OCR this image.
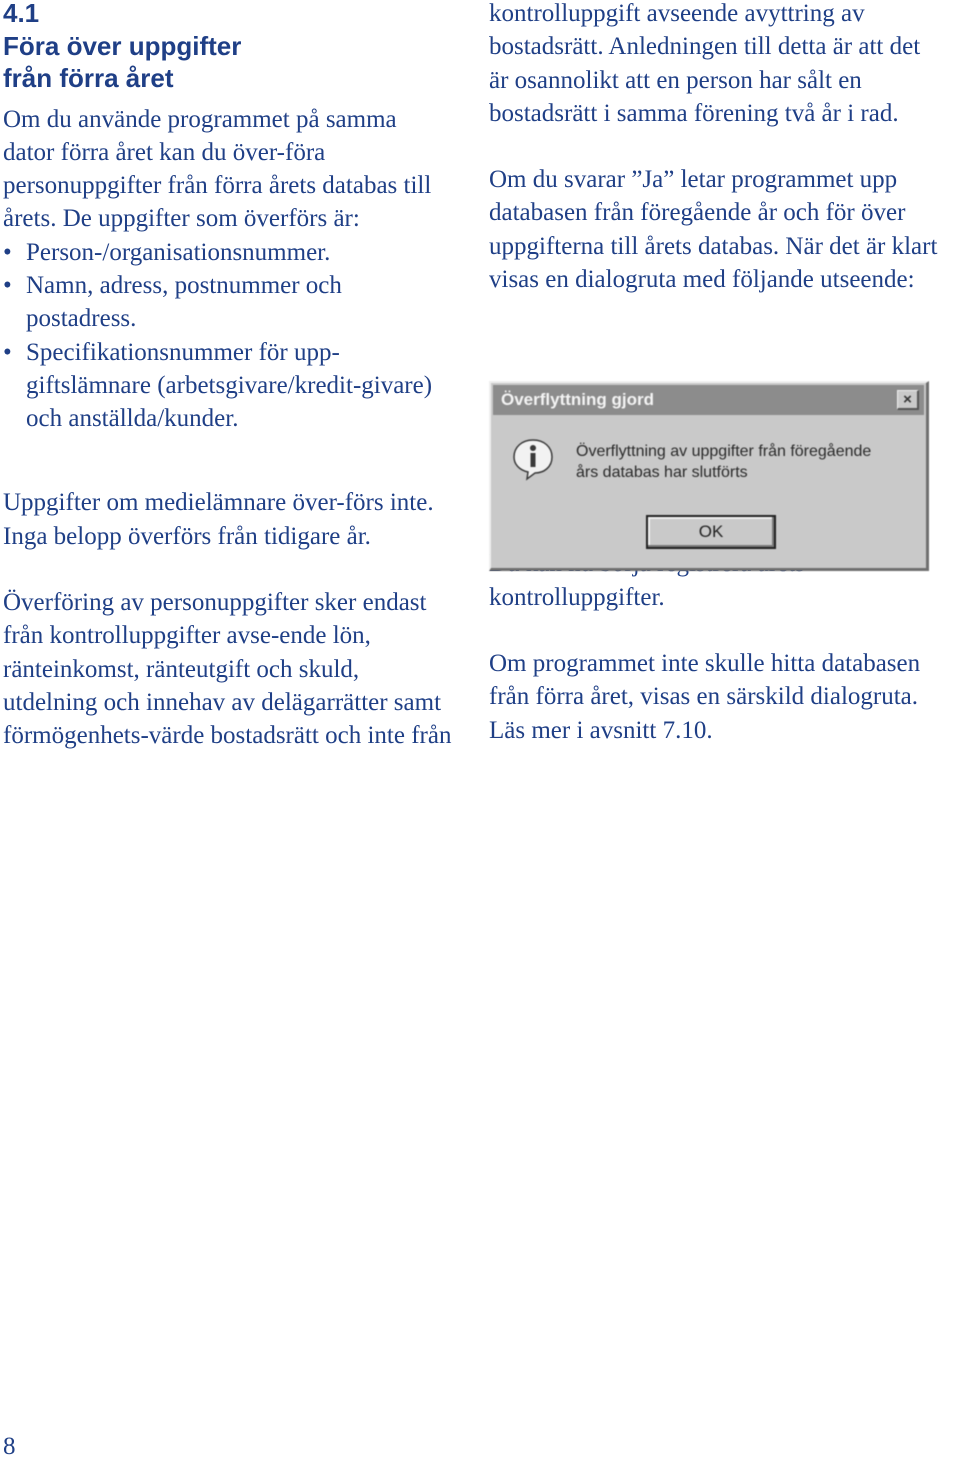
4.1
Föra över uppgifter
från förra året

Om du använde programmet på samma dator förra året kan du över-föra personuppgifter från förra årets databas till årets. De uppgifter som överförs är:

• Person-/organisationsnummer.
• Namn, adress, postnummer och postadress.
• Specifikationsnummer för upp-giftslämnare (arbetsgivare/kredit-givare) och anställda/kunder.

Uppgifter om medielämnare över-förs inte. Inga belopp överförs från tidigare år.

Överföring av personuppgifter sker endast från kontrolluppgifter avse-ende lön, ränteinkomst, ränteutgift och skuld, utdelning och innehav av delägarrätter samt förmögenhets-värde bostadsrätt och inte från

kontrolluppgift avseende avyttring av bostadsrätt. Anledningen till detta är att det är osannolikt att en person har sålt en bostadsrätt i samma förening två år i rad.

Om du svarar ”Ja” letar programmet upp databasen från föregående år och för över uppgifterna till årets databas. När det är klart visas en dialogruta med följande utseende:

kontrolluppgifter.

Om programmet inte skulle hitta databasen från förra året, visas en särskild dialogruta. Läs mer i avsnitt 7.10.

Överflyttning gjord	×
Överflyttning av uppgifter från föregående
års databas har slutförts
OK
8
